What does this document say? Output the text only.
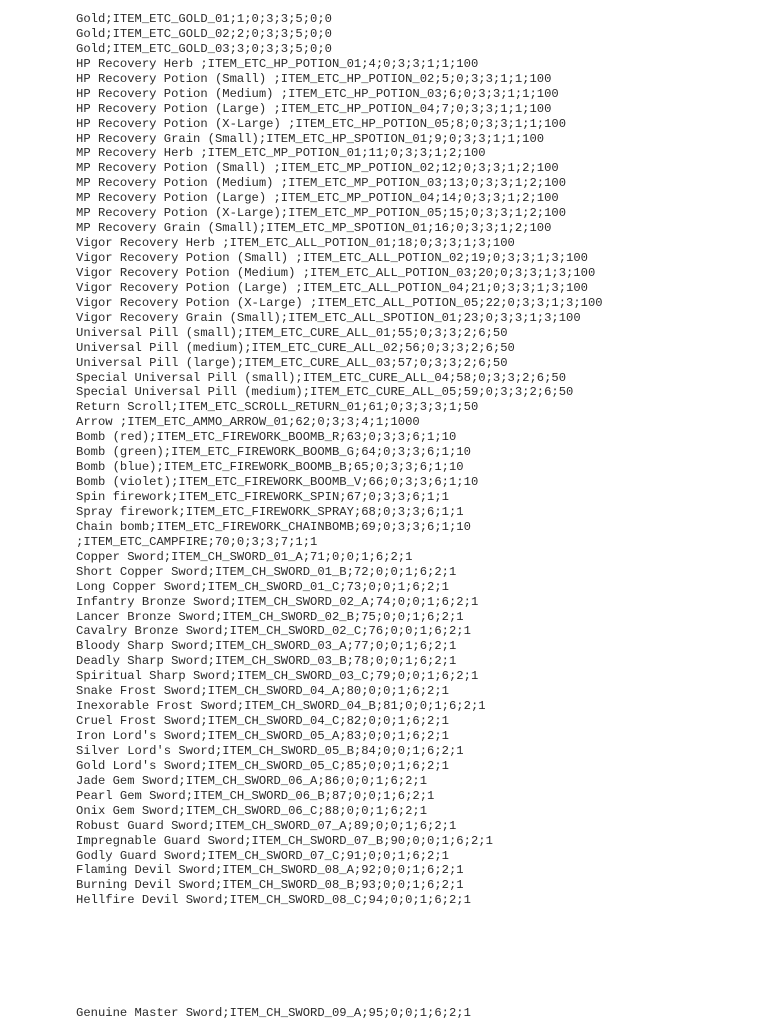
Gold;ITEM_ETC_GOLD_01;1;0;3;3;5;0;0
Gold;ITEM_ETC_GOLD_02;2;0;3;3;5;0;0
Gold;ITEM_ETC_GOLD_03;3;0;3;3;5;0;0
HP Recovery Herb ;ITEM_ETC_HP_POTION_01;4;0;3;3;1;1;100
HP Recovery Potion (Small) ;ITEM_ETC_HP_POTION_02;5;0;3;3;1;1;100
HP Recovery Potion (Medium) ;ITEM_ETC_HP_POTION_03;6;0;3;3;1;1;100
HP Recovery Potion (Large) ;ITEM_ETC_HP_POTION_04;7;0;3;3;1;1;100
HP Recovery Potion (X-Large) ;ITEM_ETC_HP_POTION_05;8;0;3;3;1;1;100
HP Recovery Grain (Small);ITEM_ETC_HP_SPOTION_01;9;0;3;3;1;1;100
MP Recovery Herb ;ITEM_ETC_MP_POTION_01;11;0;3;3;1;2;100
MP Recovery Potion (Small) ;ITEM_ETC_MP_POTION_02;12;0;3;3;1;2;100
MP Recovery Potion (Medium) ;ITEM_ETC_MP_POTION_03;13;0;3;3;1;2;100
MP Recovery Potion (Large) ;ITEM_ETC_MP_POTION_04;14;0;3;3;1;2;100
MP Recovery Potion (X-Large);ITEM_ETC_MP_POTION_05;15;0;3;3;1;2;100
MP Recovery Grain (Small);ITEM_ETC_MP_SPOTION_01;16;0;3;3;1;2;100
Vigor Recovery Herb ;ITEM_ETC_ALL_POTION_01;18;0;3;3;1;3;100
Vigor Recovery Potion (Small) ;ITEM_ETC_ALL_POTION_02;19;0;3;3;1;3;100
Vigor Recovery Potion (Medium) ;ITEM_ETC_ALL_POTION_03;20;0;3;3;1;3;100
Vigor Recovery Potion (Large) ;ITEM_ETC_ALL_POTION_04;21;0;3;3;1;3;100
Vigor Recovery Potion (X-Large) ;ITEM_ETC_ALL_POTION_05;22;0;3;3;1;3;100
Vigor Recovery Grain (Small);ITEM_ETC_ALL_SPOTION_01;23;0;3;3;1;3;100
Universal Pill (small);ITEM_ETC_CURE_ALL_01;55;0;3;3;2;6;50
Universal Pill (medium);ITEM_ETC_CURE_ALL_02;56;0;3;3;2;6;50
Universal Pill (large);ITEM_ETC_CURE_ALL_03;57;0;3;3;2;6;50
Special Universal Pill (small);ITEM_ETC_CURE_ALL_04;58;0;3;3;2;6;50
Special Universal Pill (medium);ITEM_ETC_CURE_ALL_05;59;0;3;3;2;6;50
Return Scroll;ITEM_ETC_SCROLL_RETURN_01;61;0;3;3;3;1;50
Arrow ;ITEM_ETC_AMMO_ARROW_01;62;0;3;3;4;1;1000
Bomb (red);ITEM_ETC_FIREWORK_BOOMB_R;63;0;3;3;6;1;10
Bomb (green);ITEM_ETC_FIREWORK_BOOMB_G;64;0;3;3;6;1;10
Bomb (blue);ITEM_ETC_FIREWORK_BOOMB_B;65;0;3;3;6;1;10
Bomb (violet);ITEM_ETC_FIREWORK_BOOMB_V;66;0;3;3;6;1;10
Spin firework;ITEM_ETC_FIREWORK_SPIN;67;0;3;3;6;1;1
Spray firework;ITEM_ETC_FIREWORK_SPRAY;68;0;3;3;6;1;1
Chain bomb;ITEM_ETC_FIREWORK_CHAINBOMB;69;0;3;3;6;1;10
;ITEM_ETC_CAMPFIRE;70;0;3;3;7;1;1
Copper Sword;ITEM_CH_SWORD_01_A;71;0;0;1;6;2;1
Short Copper Sword;ITEM_CH_SWORD_01_B;72;0;0;1;6;2;1
Long Copper Sword;ITEM_CH_SWORD_01_C;73;0;0;1;6;2;1
Infantry Bronze Sword;ITEM_CH_SWORD_02_A;74;0;0;1;6;2;1
Lancer Bronze Sword;ITEM_CH_SWORD_02_B;75;0;0;1;6;2;1
Cavalry Bronze Sword;ITEM_CH_SWORD_02_C;76;0;0;1;6;2;1
Bloody Sharp Sword;ITEM_CH_SWORD_03_A;77;0;0;1;6;2;1
Deadly Sharp Sword;ITEM_CH_SWORD_03_B;78;0;0;1;6;2;1
Spiritual Sharp Sword;ITEM_CH_SWORD_03_C;79;0;0;1;6;2;1
Snake Frost Sword;ITEM_CH_SWORD_04_A;80;0;0;1;6;2;1
Inexorable Frost Sword;ITEM_CH_SWORD_04_B;81;0;0;1;6;2;1
Cruel Frost Sword;ITEM_CH_SWORD_04_C;82;0;0;1;6;2;1
Iron Lord's Sword;ITEM_CH_SWORD_05_A;83;0;0;1;6;2;1
Silver Lord's Sword;ITEM_CH_SWORD_05_B;84;0;0;1;6;2;1
Gold Lord's Sword;ITEM_CH_SWORD_05_C;85;0;0;1;6;2;1
Jade Gem Sword;ITEM_CH_SWORD_06_A;86;0;0;1;6;2;1
Pearl Gem Sword;ITEM_CH_SWORD_06_B;87;0;0;1;6;2;1
Onix Gem Sword;ITEM_CH_SWORD_06_C;88;0;0;1;6;2;1
Robust Guard Sword;ITEM_CH_SWORD_07_A;89;0;0;1;6;2;1
Impregnable Guard Sword;ITEM_CH_SWORD_07_B;90;0;0;1;6;2;1
Godly Guard Sword;ITEM_CH_SWORD_07_C;91;0;0;1;6;2;1
Flaming Devil Sword;ITEM_CH_SWORD_08_A;92;0;0;1;6;2;1
Burning Devil Sword;ITEM_CH_SWORD_08_B;93;0;0;1;6;2;1
Hellfire Devil Sword;ITEM_CH_SWORD_08_C;94;0;0;1;6;2;1
Genuine Master Sword;ITEM_CH_SWORD_09_A;95;0;0;1;6;2;1
